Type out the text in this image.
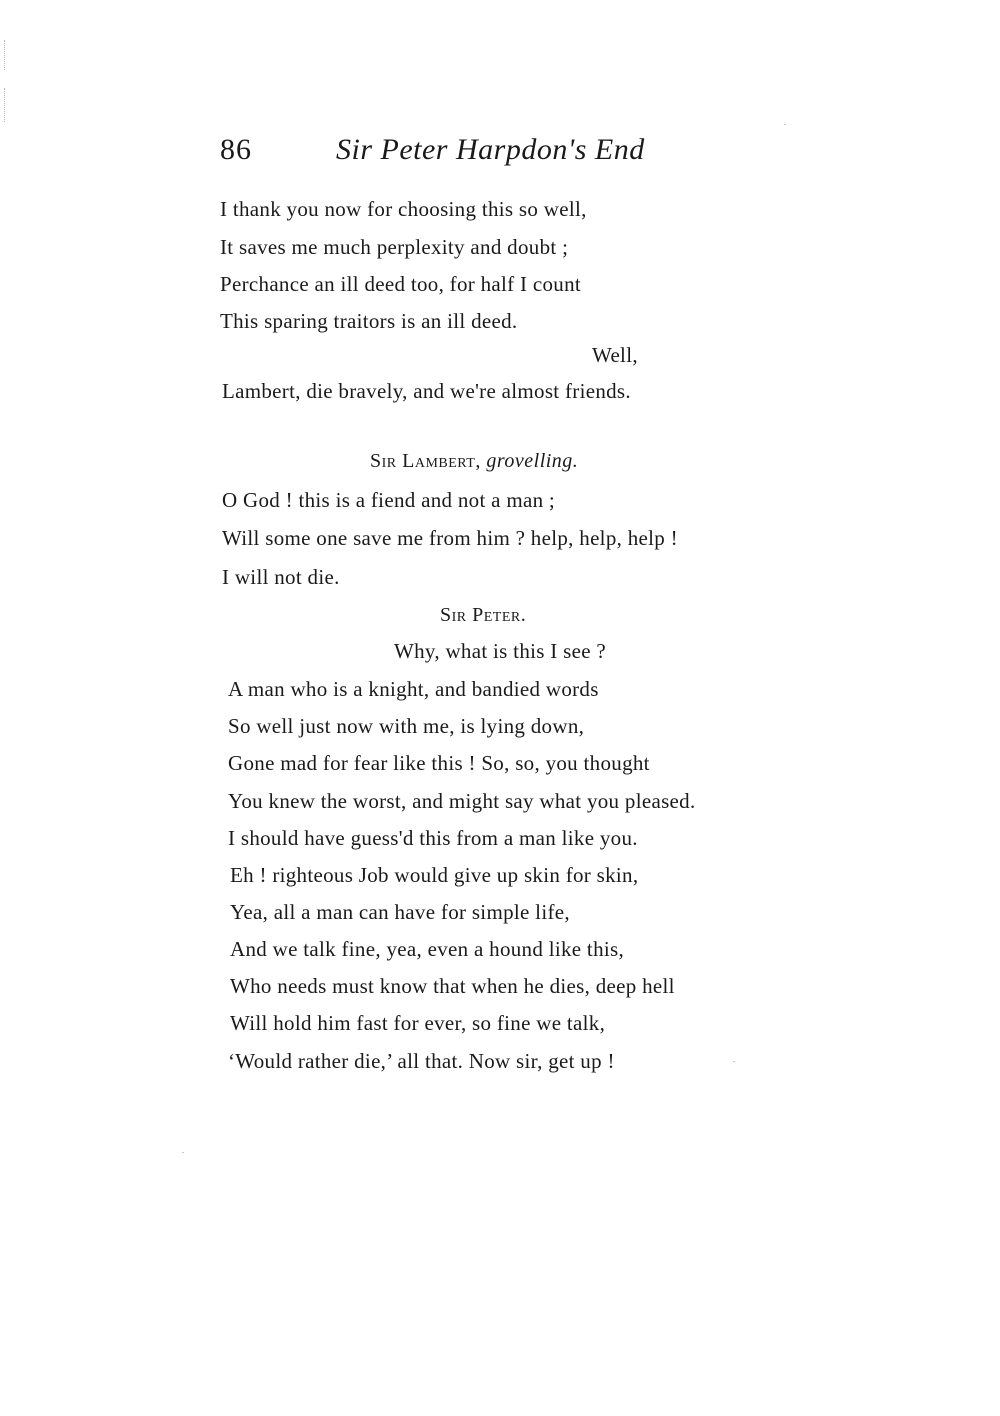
86	Sir Peter Harpdon's End
I thank you now for choosing this so well,
It saves me much perplexity and doubt ;
Perchance an ill deed too, for half I count
This sparing traitors is an ill deed.
Well,
Lambert, die bravely, and we're almost friends.
Sir Lambert, grovelling.
O God ! this is a fiend and not a man ;
Will some one save me from him ? help, help, help !
I will not die.
Sir Peter.
Why, what is this I see ?
A man who is a knight, and bandied words
So well just now with me, is lying down,
Gone mad for fear like this ! So, so, you thought
You knew the worst, and might say what you pleased.
I should have guess'd this from a man like you.
Eh ! righteous Job would give up skin for skin,
Yea, all a man can have for simple life,
And we talk fine, yea, even a hound like this,
Who needs must know that when he dies, deep hell
Will hold him fast for ever, so fine we talk,
‘Would rather die,’ all that. Now sir, get up !
